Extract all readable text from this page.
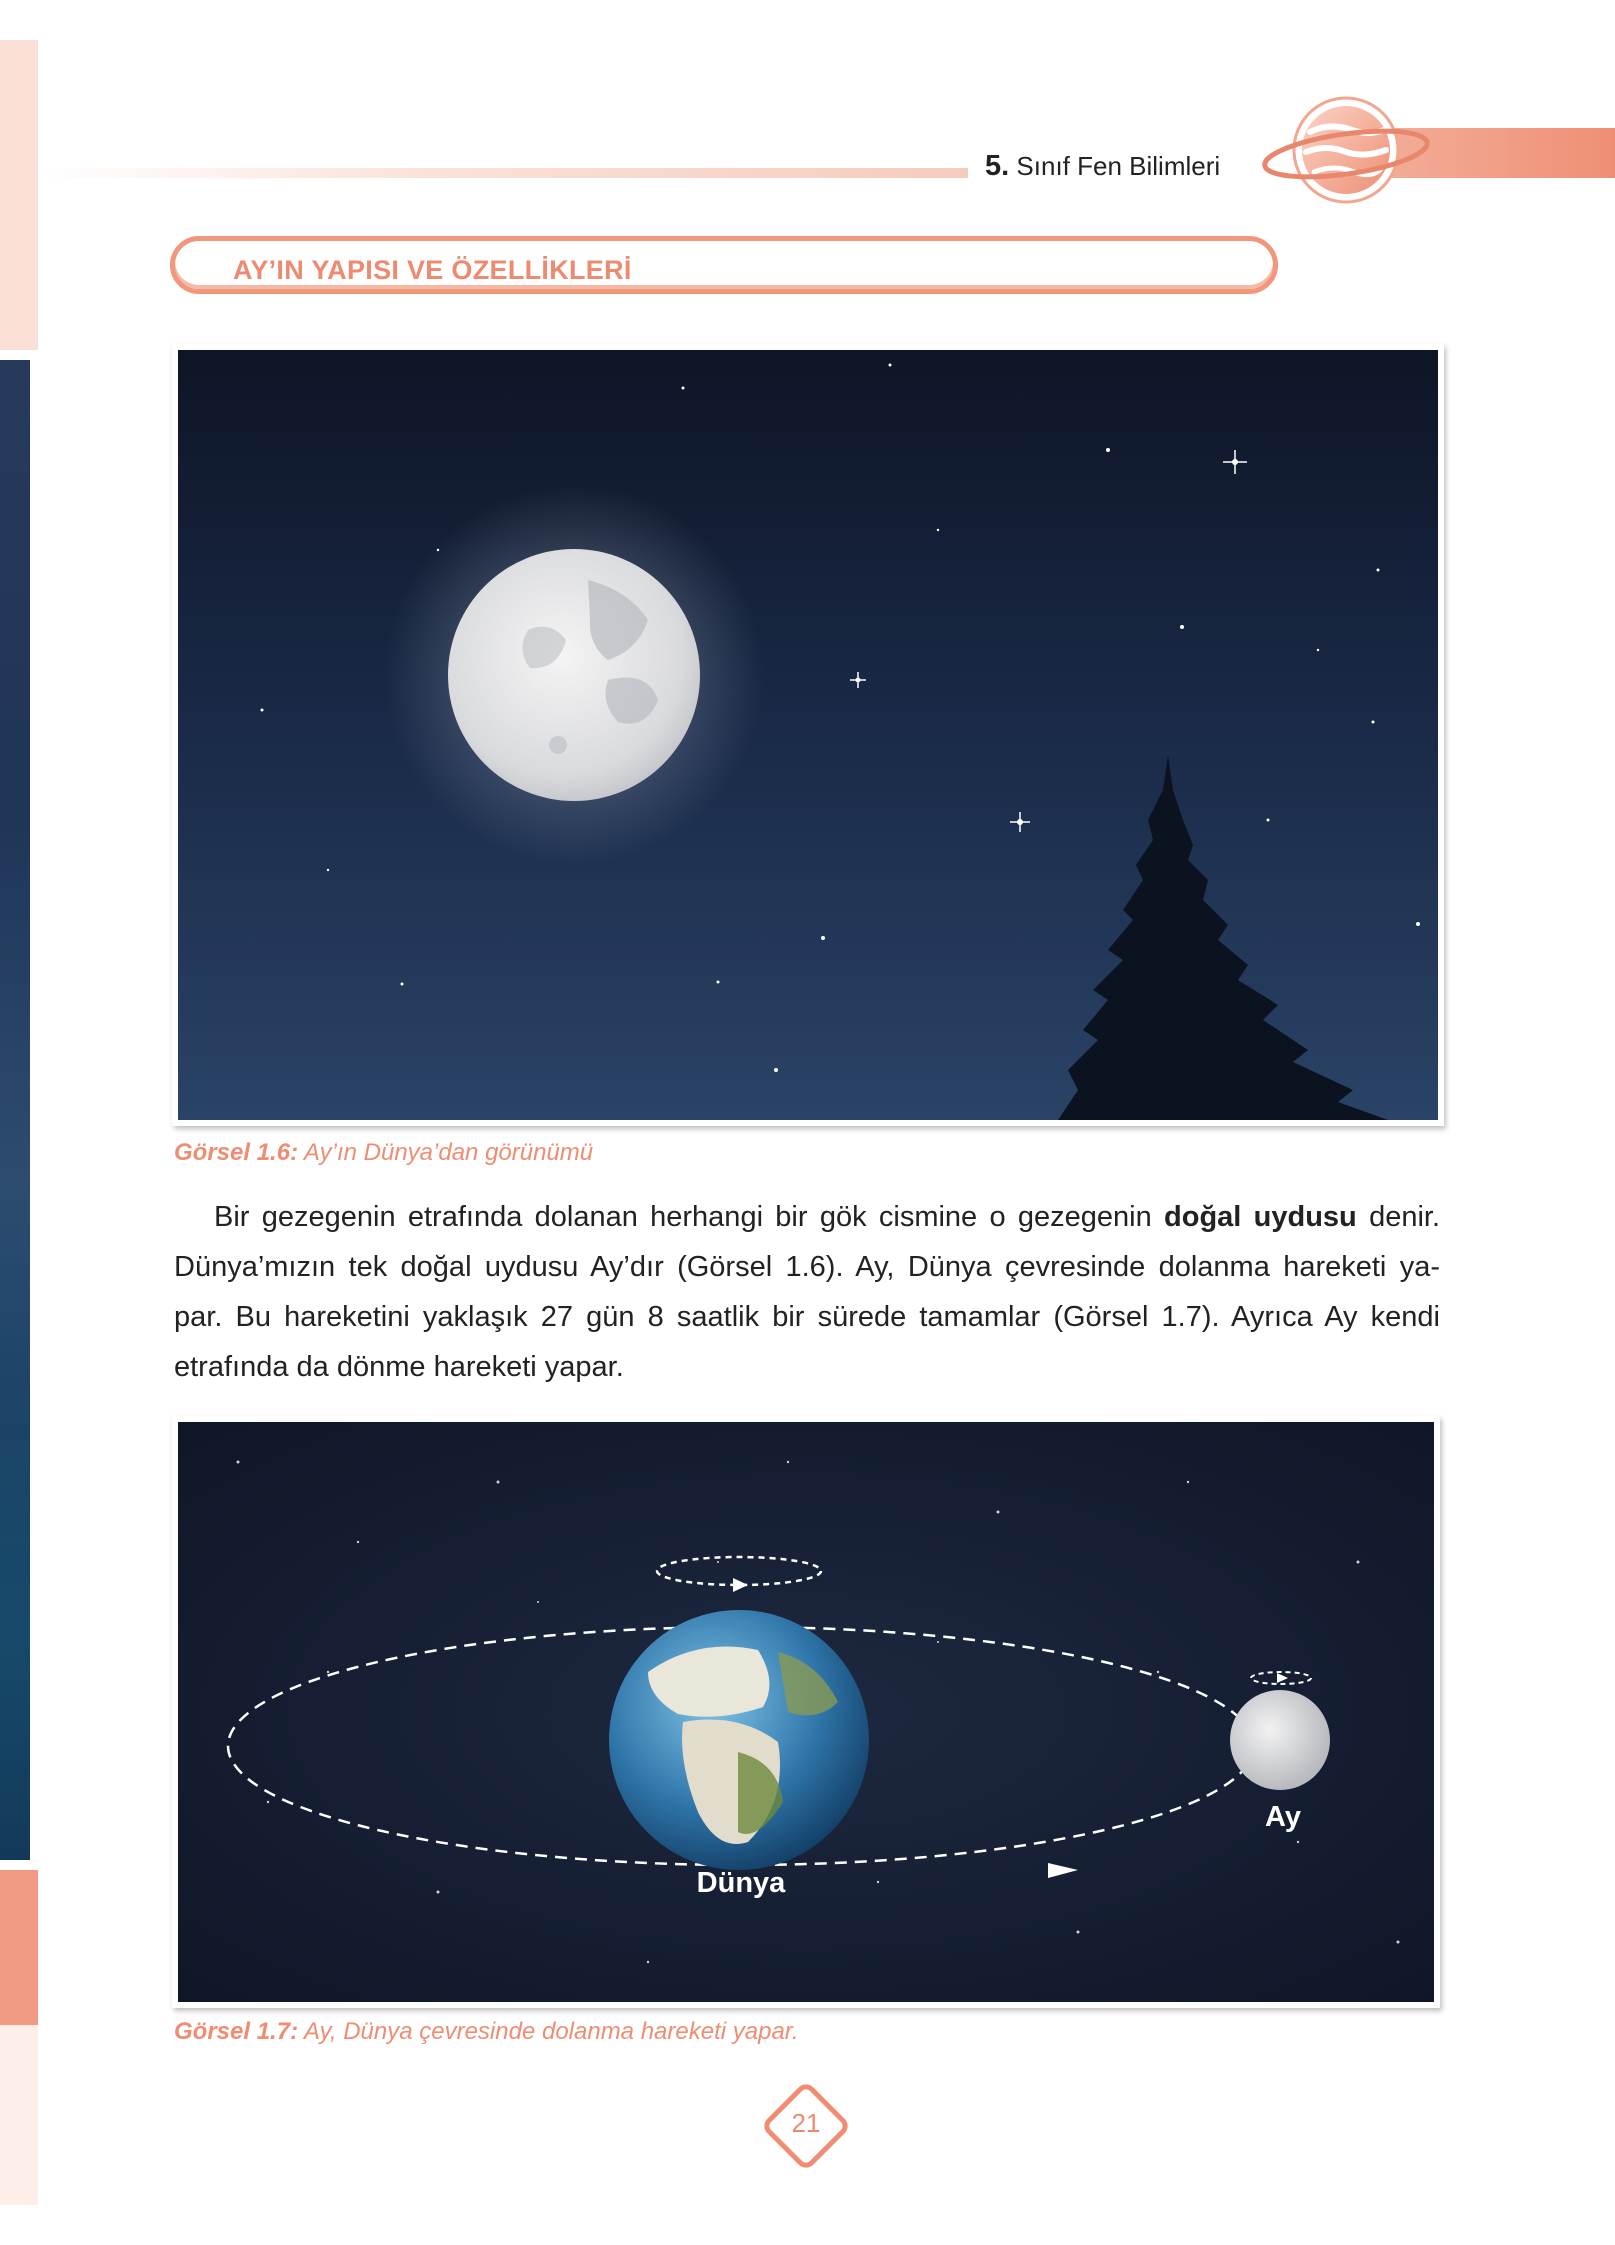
5. Sınıf Fen Bilimleri
AY’IN YAPISI VE ÖZELLİKLERİ
Görsel 1.6: Ay’ın Dünya’dan görünümü
Bir gezegenin etrafında dolanan herhangi bir gök cismine o gezegenin doğal uydusu denir.
Dünya’mızın tek doğal uydusu Ay’dır (Görsel 1.6). Ay, Dünya çevresinde dolanma hareketi ya-
par. Bu hareketini yaklaşık 27 gün 8 saatlik bir sürede tamamlar (Görsel 1.7). Ayrıca Ay kendi
etrafında da dönme hareketi yapar.
Dünya
Ay
Görsel 1.7: Ay, Dünya çevresinde dolanma hareketi yapar.
21
